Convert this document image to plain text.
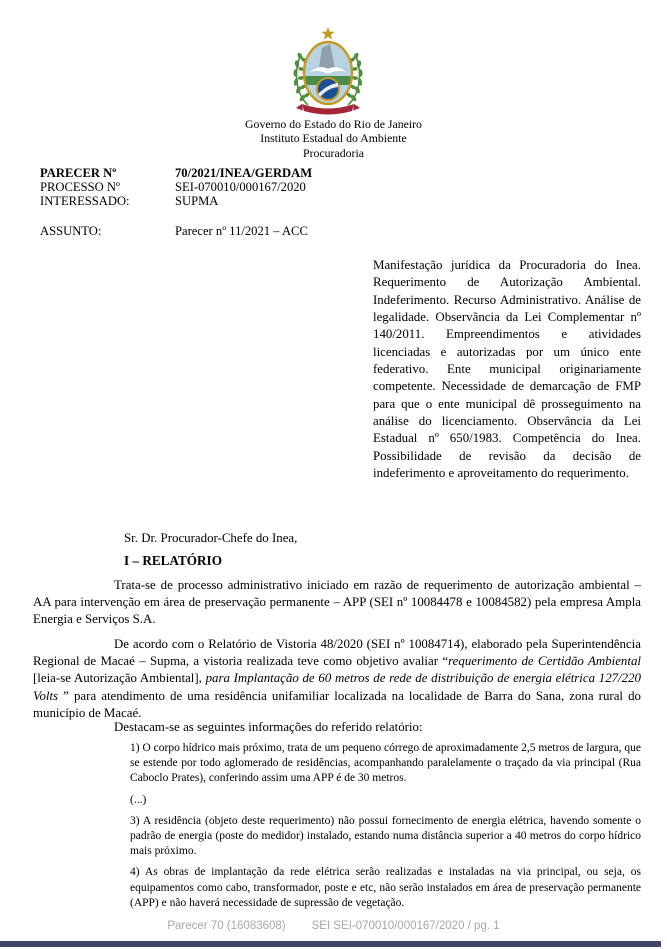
Governo do Estado do Rio de Janeiro
Instituto Estadual do Ambiente
Procuradoria
PARECER Nº	70/2021/INEA/GERDAM
PROCESSO Nº	SEI-070010/000167/2020
INTERESSADO:	SUPMA
ASSUNTO:	Parecer nº 11/2021 – ACC
Manifestação jurídica da Procuradoria do Inea. Requerimento de Autorização Ambiental. Indeferimento. Recurso Administrativo. Análise de legalidade. Observância da Lei Complementar nº 140/2011. Empreendimentos e atividades licenciadas e autorizadas por um único ente federativo. Ente municipal originariamente competente. Necessidade de demarcação de FMP para que o ente municipal dê prosseguimento na análise do licenciamento. Observância da Lei Estadual nº 650/1983. Competência do Inea. Possibilidade de revisão da decisão de indeferimento e aproveitamento do requerimento.
Sr. Dr. Procurador-Chefe do Inea,
I – RELATÓRIO

Trata-se de processo administrativo iniciado em razão de requerimento de autorização ambiental – AA para intervenção em área de preservação permanente – APP (SEI nº 10084478 e 10084582) pela empresa Ampla Energia e Serviços S.A.

De acordo com o Relatório de Vistoria 48/2020 (SEI nº 10084714), elaborado pela Superintendência Regional de Macaé – Supma, a vistoria realizada teve como objetivo avaliar “requerimento de Certidão Ambiental [leia-se Autorização Ambiental], para Implantação de 60 metros de rede de distribuição de energia elétrica 127/220 Volts ” para atendimento de uma residência unifamiliar localizada na localidade de Barra do Sana, zona rural do município de Macaé.

Destacam-se as seguintes informações do referido relatório:

1) O corpo hídrico mais próximo, trata de um pequeno córrego de aproximadamente 2,5 metros de largura, que se estende por todo aglomerado de residências, acompanhando paralelamente o traçado da via principal (Rua Caboclo Prates), conferindo assim uma APP é de 30 metros.

(...)

3) A residência (objeto deste requerimento) não possui fornecimento de energia elétrica, havendo somente o padrão de energia (poste do medidor) instalado, estando numa distância superior a 40 metros do corpo hídrico mais próximo.

4) As obras de implantação da rede elétrica serão realizadas e instaladas na via principal, ou seja, os equipamentos como cabo, transformador, poste e etc, não serão instalados em área de preservação permanente (APP) e não haverá necessidade de supressão de vegetação.

Parecer 70 (16083608) SEI SEI-070010/000167/2020 / pg. 1
